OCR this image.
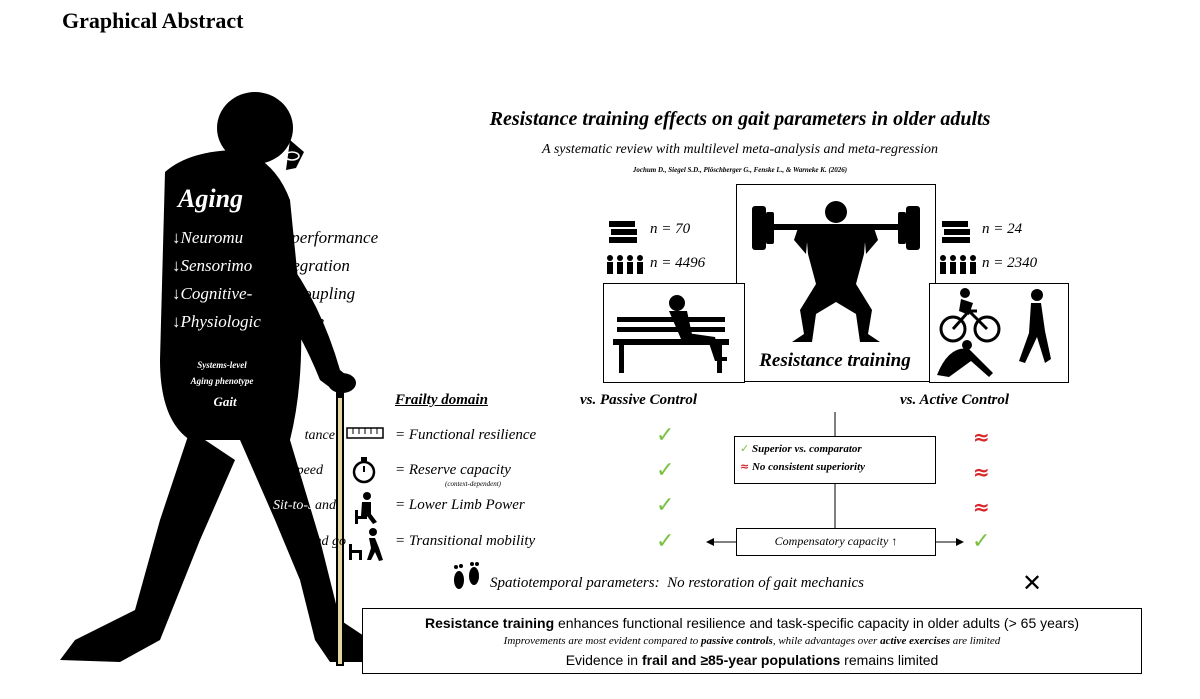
Graphical Abstract
Aging
↓Neuromu lar performance
↓Sensorimo integration
↓Cognitive- or coupling
↓Physiologic eserve
Systems-level
Aging phenotype
Gait
tance
peed
Sit-to-Sand
m up-and go
Resistance training effects on gait parameters in older adults
A systematic review with multilevel meta-analysis and meta-regression
Jochum D., Siegel S.D., Plöschberger G., Fenske L., & Warneke K. (2026)
Resistance training
n = 70
n = 4496
n = 24
n = 2340
vs. Passive Control	vs. Active Control
Frailty domain
= Functional resilience
= Reserve capacity
(context-dependent)
= Lower Limb Power
= Transitional mobility
✓
✓
✓
✓
≈
≈
≈
✓
✓ Superior vs. comparator
≈ No consistent superiority
Compensatory capacity ↑
Spatiotemporal parameters: No restoration of gait mechanics	✕
Resistance training enhances functional resilience and task-specific capacity in older adults (> 65 years)
Improvements are most evident compared to passive controls, while advantages over active exercises are limited
Evidence in frail and ≥85-year populations remains limited
